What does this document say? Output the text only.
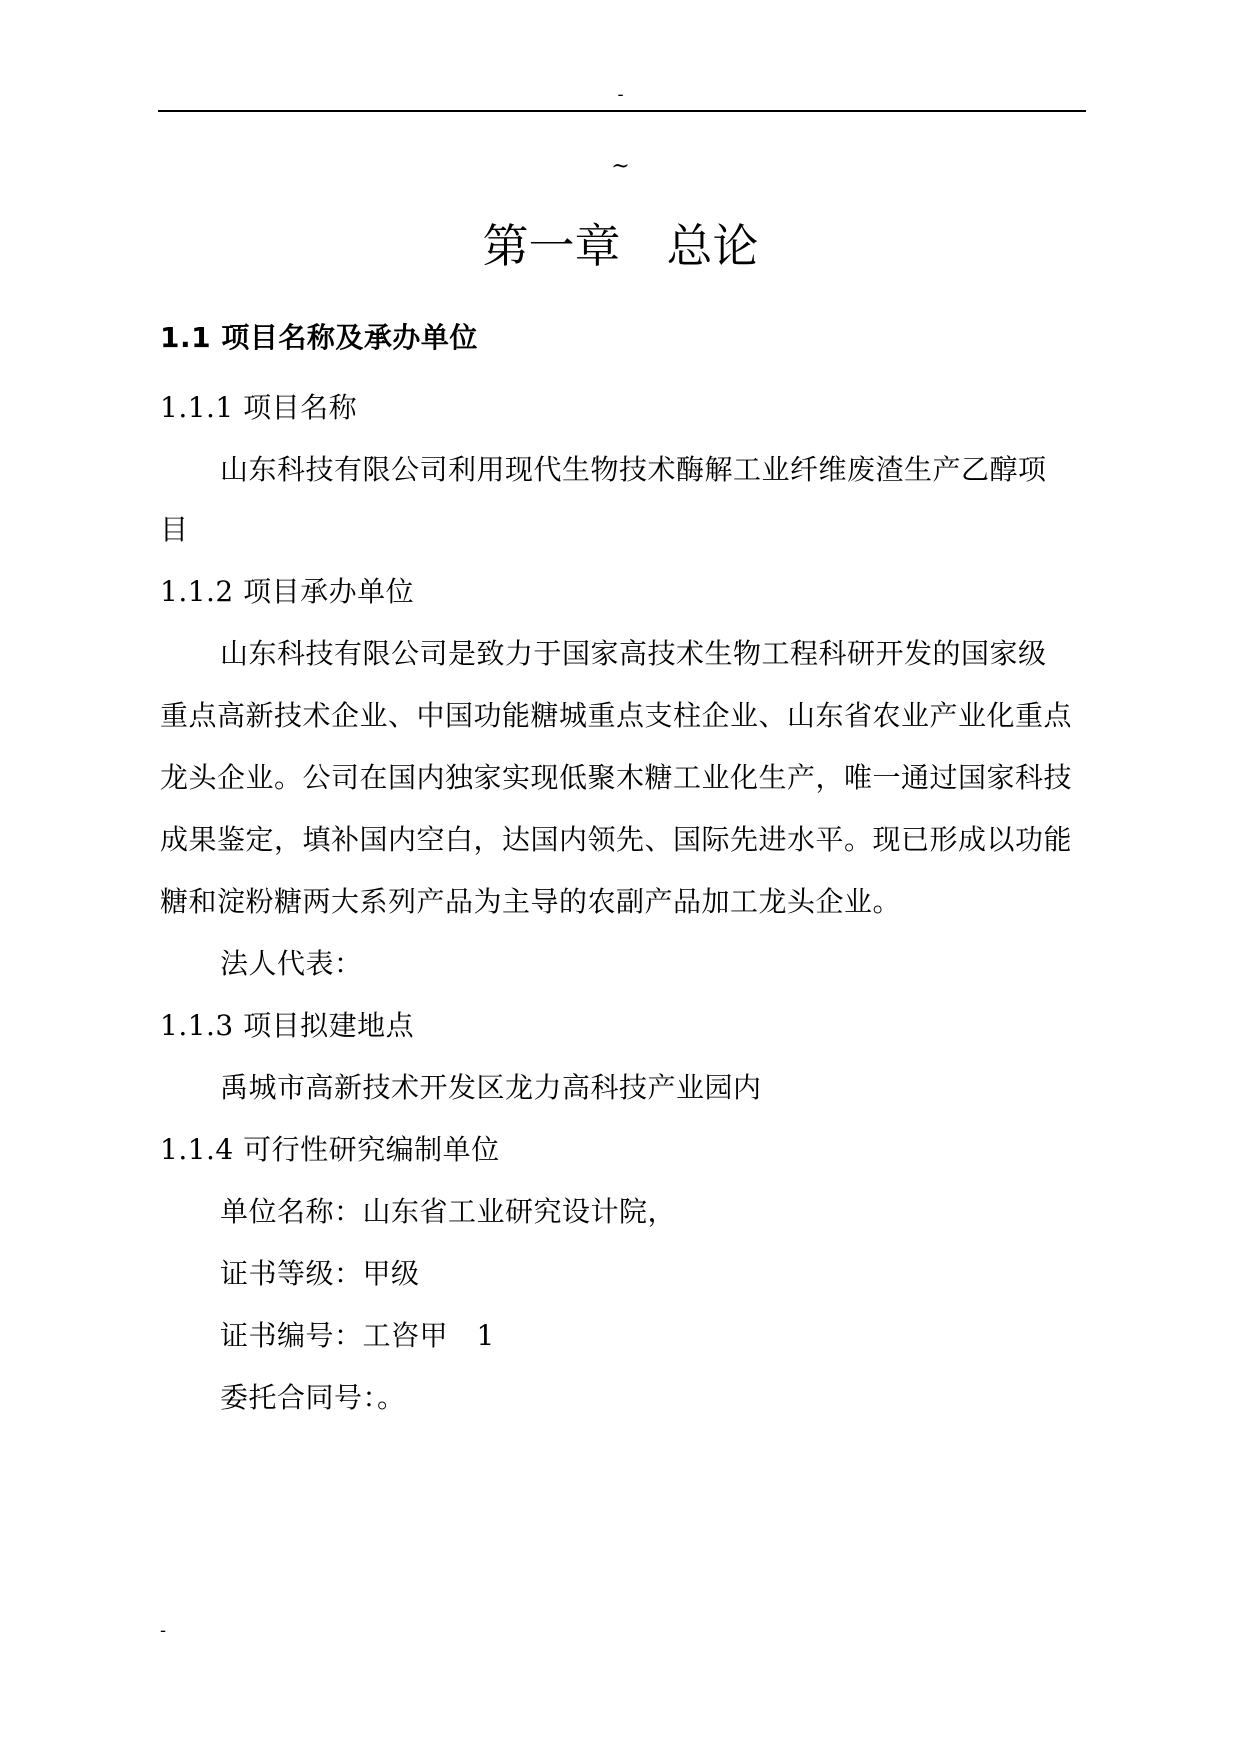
-
~
第一章　总论
1.1 项目名称及承办单位
1.1.1 项目名称
山东科技有限公司利用现代生物技术酶解工业纤维废渣生产乙醇项
目
1.1.2 项目承办单位
山东科技有限公司是致力于国家高技术生物工程科研开发的国家级
重点高新技术企业、中国功能糖城重点支柱企业、山东省农业产业化重点
龙头企业。公司在国内独家实现低聚木糖工业化生产，唯一通过国家科技
成果鉴定，填补国内空白，达国内领先、国际先进水平。现已形成以功能
糖和淀粉糖两大系列产品为主导的农副产品加工龙头企业。
法人代表：
1.1.3 项目拟建地点
禹城市高新技术开发区龙力高科技产业园内
1.1.4 可行性研究编制单位
单位名称：山东省工业研究设计院，
证书等级：甲级
证书编号：工咨甲　1
委托合同号：。
-
